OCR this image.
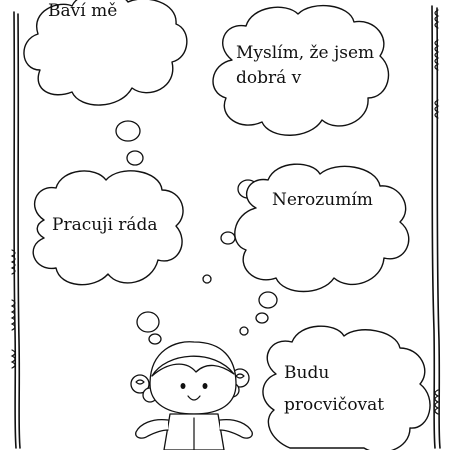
Baví mě
Myslím, že jsem
dobrá v
Pracuji ráda
Nerozumím
Budu
procvičovat
